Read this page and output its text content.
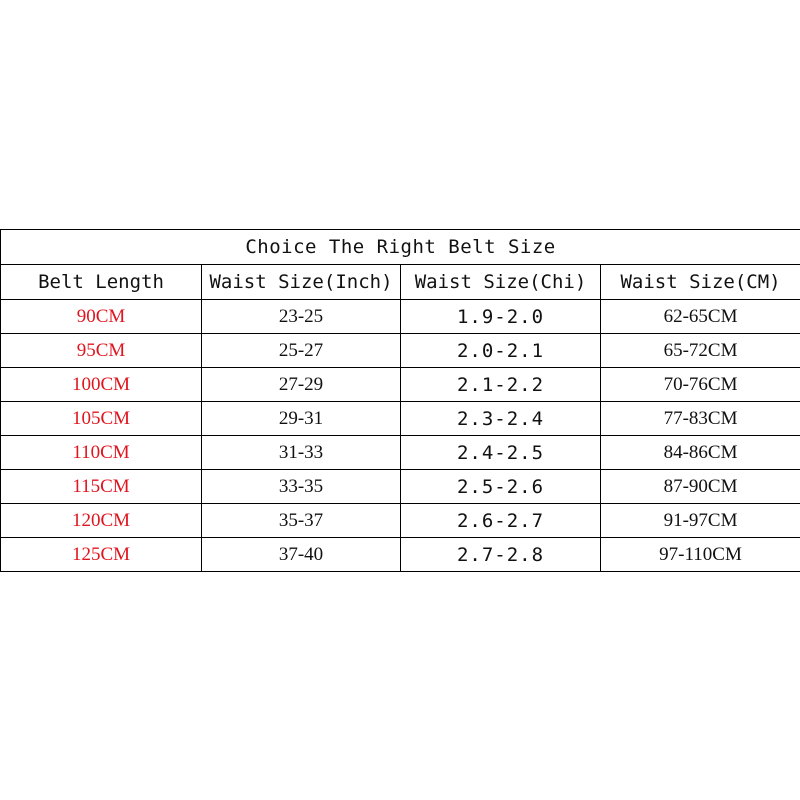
Choice The Right Belt Size			
Belt Length	Waist Size(Inch)	Waist Size(Chi)	Waist Size(CM)
90CM	23-25	1.9-2.0	62-65CM
95CM	25-27	2.0-2.1	65-72CM
100CM	27-29	2.1-2.2	70-76CM
105CM	29-31	2.3-2.4	77-83CM
110CM	31-33	2.4-2.5	84-86CM
115CM	33-35	2.5-2.6	87-90CM
120CM	35-37	2.6-2.7	91-97CM
125CM	37-40	2.7-2.8	97-110CM
